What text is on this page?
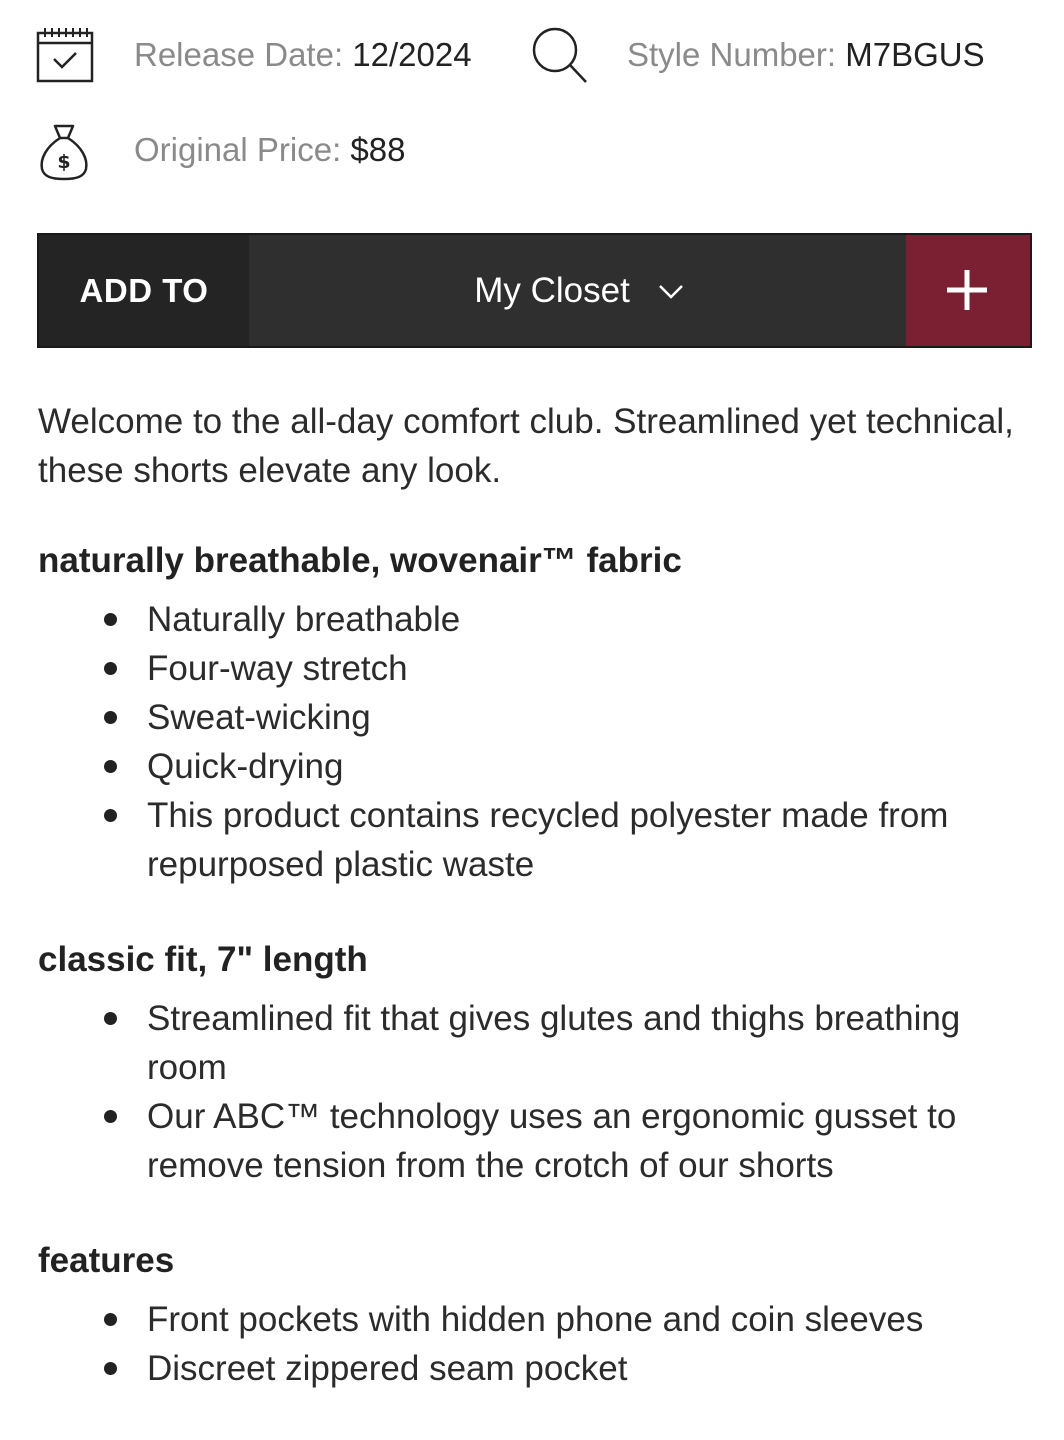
Release Date: 12/2024	Style Number: M7BGUS
$ Original Price: $88
ADD TO	My Closet

Welcome to the all-day comfort club. Streamlined yet technical, these shorts elevate any look.

naturally breathable, wovenair™ fabric
Naturally breathable
Four-way stretch
Sweat-wicking
Quick-drying
This product contains recycled polyester made from repurposed plastic waste
classic fit, 7" length
Streamlined fit that gives glutes and thighs breathing room
Our ABC™ technology uses an ergonomic gusset to remove tension from the crotch of our shorts
features
Front pockets with hidden phone and coin sleeves
Discreet zippered seam pocket
